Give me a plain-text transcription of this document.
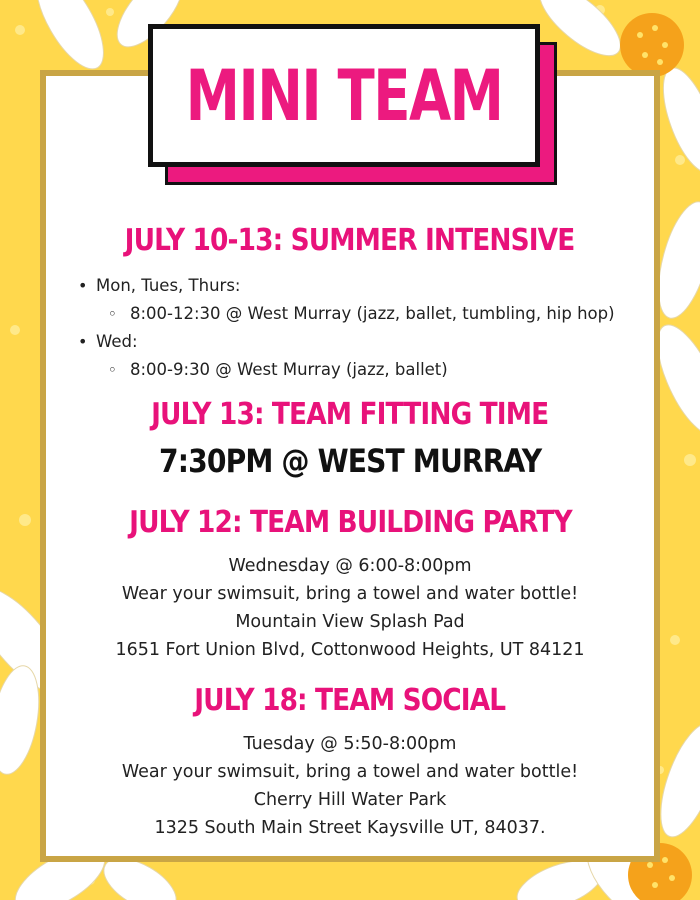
MINI TEAM
JULY 10-13: SUMMER INTENSIVE
• Mon, Tues, Thurs:
◦ 8:00-12:30 @ West Murray (jazz, ballet, tumbling, hip hop)
• Wed:
◦ 8:00-9:30 @ West Murray (jazz, ballet)
JULY 13: TEAM FITTING TIME
7:30PM @ WEST MURRAY
JULY 12: TEAM BUILDING PARTY
Wednesday @ 6:00-8:00pm
Wear your swimsuit, bring a towel and water bottle!
Mountain View Splash Pad
1651 Fort Union Blvd, Cottonwood Heights, UT 84121
JULY 18: TEAM SOCIAL
Tuesday @ 5:50-8:00pm
Wear your swimsuit, bring a towel and water bottle!
Cherry Hill Water Park
1325 South Main Street Kaysville UT, 84037.
